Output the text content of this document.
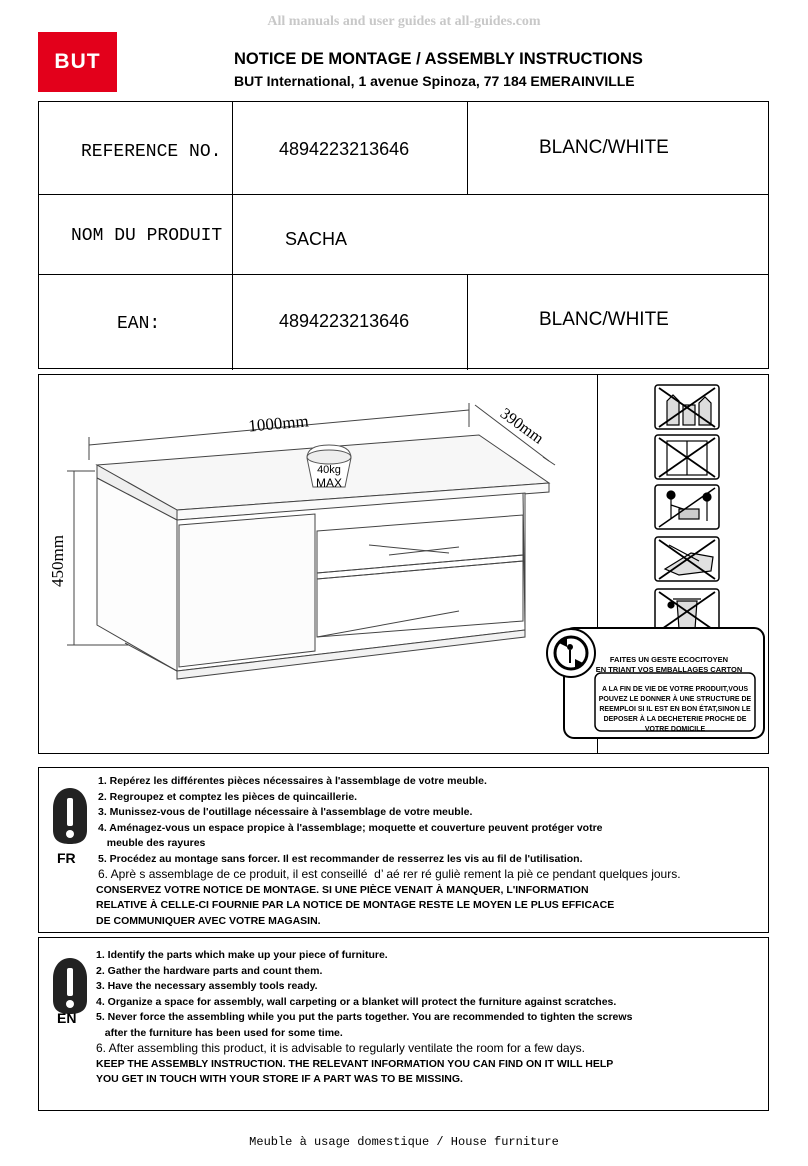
All manuals and user guides at all-guides.com
BUT	NOTICE DE MONTAGE / ASSEMBLY INSTRUCTIONS
BUT International, 1 avenue Spinoza, 77 184 EMERAINVILLE
REFERENCE NO.	4894223213646	BLANC/WHITE
NOM DU PRODUIT	SACHA
EAN:	4894223213646	BLANC/WHITE
40kg
MAX
1000mm	390mm
450mm
FAITES UN GESTE ECOCITOYEN
EN TRIANT VOS EMBALLAGES CARTON
A LA FIN DE VIE DE VOTRE PRODUIT,VOUS
POUVEZ LE DONNER À UNE STRUCTURE DE
REEMPLOI SI IL EST EN BON ÉTAT,SINON LE
DEPOSER À LA DECHETERIE PROCHE DE
VOTRE DOMICILE
FR
1. Repérez les différentes pièces nécessaires à l'assemblage de votre meuble.
2. Regroupez et comptez les pièces de quincaillerie.
3. Munissez-vous de l'outillage nécessaire à l'assemblage de votre meuble.
4. Aménagez-vous un espace propice à l'assemblage; moquette et couverture peuvent protéger votre
meuble des rayures
5. Procédez au montage sans forcer. Il est recommander de resserrez les vis au fil de l'utilisation.
6. Aprè s assemblage de ce produit, il est conseillé  d’ aé rer ré guliè rement la piè ce pendant quelques jours.
CONSERVEZ VOTRE NOTICE DE MONTAGE. SI UNE PIÈCE VENAIT À MANQUER, L'INFORMATION
RELATIVE À CELLE-CI FOURNIE PAR LA NOTICE DE MONTAGE RESTE LE MOYEN LE PLUS EFFICACE
DE COMMUNIQUER AVEC VOTRE MAGASIN.
EN
1. Identify the parts which make up your piece of furniture.
2. Gather the hardware parts and count them.
3. Have the necessary assembly tools ready.
4. Organize a space for assembly, wall carpeting or a blanket will protect the furniture against scratches.
5. Never force the assembling while you put the parts together. You are recommended to tighten the screws
after the furniture has been used for some time.
6. After assembling this product, it is advisable to regularly ventilate the room for a few days.
KEEP THE ASSEMBLY INSTRUCTION. THE RELEVANT INFORMATION YOU CAN FIND ON IT WILL HELP
YOU GET IN TOUCH WITH YOUR STORE IF A PART WAS TO BE MISSING.
Meuble à usage domestique / House furniture
